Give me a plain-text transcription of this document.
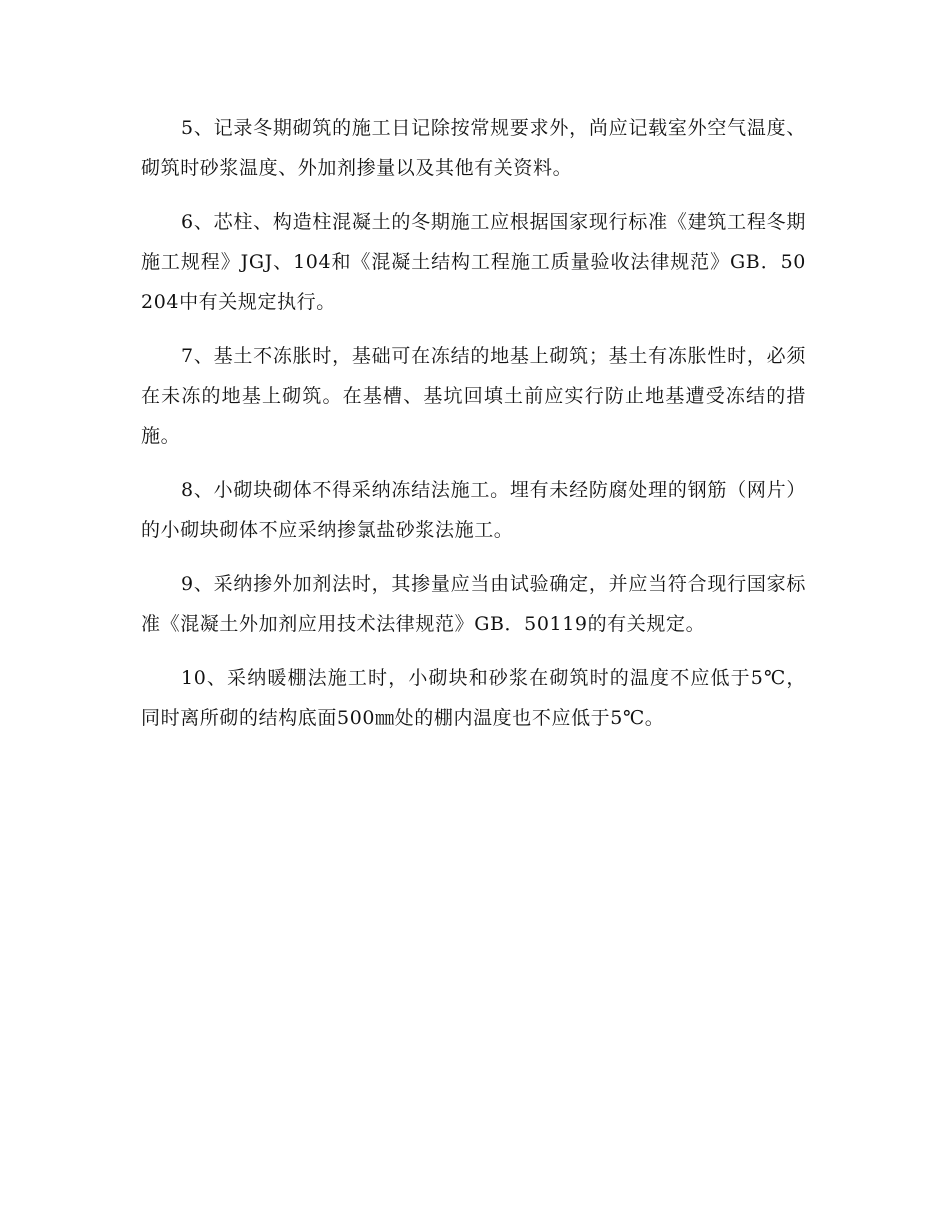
5、记录冬期砌筑的施工日记除按常规要求外，尚应记载室外空气温度、砌筑时砂浆温度、外加剂掺量以及其他有关资料。

6、芯柱、构造柱混凝土的冬期施工应根据国家现行标准《建筑工程冬期施工规程》JGJ、104和《混凝土结构工程施工质量验收法律规范》GB．50204中有关规定执行。

7、基土不冻胀时，基础可在冻结的地基上砌筑；基土有冻胀性时，必须在未冻的地基上砌筑。在基槽、基坑回填土前应实行防止地基遭受冻结的措施。

8、小砌块砌体不得采纳冻结法施工。埋有未经防腐处理的钢筋（网片）的小砌块砌体不应采纳掺氯盐砂浆法施工。

9、采纳掺外加剂法时，其掺量应当由试验确定，并应当符合现行国家标准《混凝土外加剂应用技术法律规范》GB．50119的有关规定。

10、采纳暖棚法施工时，小砌块和砂浆在砌筑时的温度不应低于5℃，同时离所砌的结构底面500㎜处的棚内温度也不应低于5℃。
